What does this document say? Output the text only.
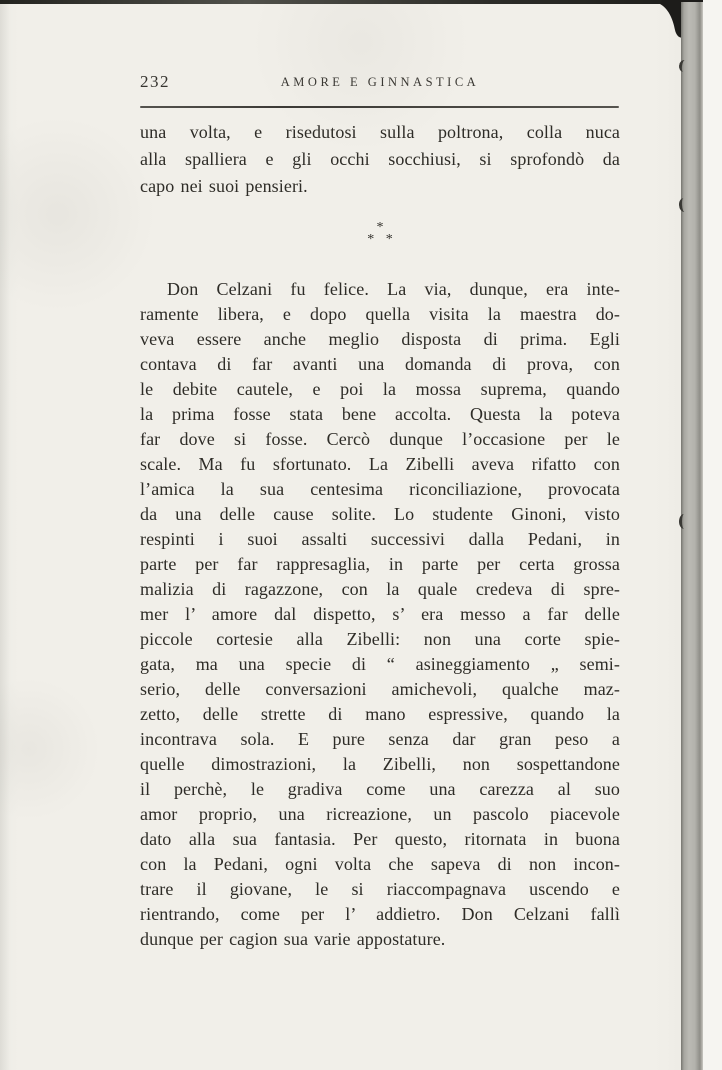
232	AMORE E GINNASTICA
una volta, e risedutosi sulla poltrona, colla nuca
alla spalliera e gli occhi socchiusi, si sprofondò da
capo nei suoi pensieri.
*
* *
Don Celzani fu felice. La via, dunque, era inte-
ramente libera, e dopo quella visita la maestra do-
veva essere anche meglio disposta di prima. Egli
contava di far avanti una domanda di prova, con
le debite cautele, e poi la mossa suprema, quando
la prima fosse stata bene accolta. Questa la poteva
far dove si fosse. Cercò dunque l’occasione per le
scale. Ma fu sfortunato. La Zibelli aveva rifatto con
l’amica la sua centesima riconciliazione, provocata
da una delle cause solite. Lo studente Ginoni, visto
respinti i suoi assalti successivi dalla Pedani, in
parte per far rappresaglia, in parte per certa grossa
malizia di ragazzone, con la quale credeva di spre-
mer l’ amore dal dispetto, s’ era messo a far delle
piccole cortesie alla Zibelli: non una corte spie-
gata, ma una specie di “ asineggiamento „ semi-
serio, delle conversazioni amichevoli, qualche maz-
zetto, delle strette di mano espressive, quando la
incontrava sola. E pure senza dar gran peso a
quelle dimostrazioni, la Zibelli, non sospettandone
il perchè, le gradiva come una carezza al suo
amor proprio, una ricreazione, un pascolo piacevole
dato alla sua fantasia. Per questo, ritornata in buona
con la Pedani, ogni volta che sapeva di non incon-
trare il giovane, le si riaccompagnava uscendo e
rientrando, come per l’ addietro. Don Celzani fallì
dunque per cagion sua varie appostature.
